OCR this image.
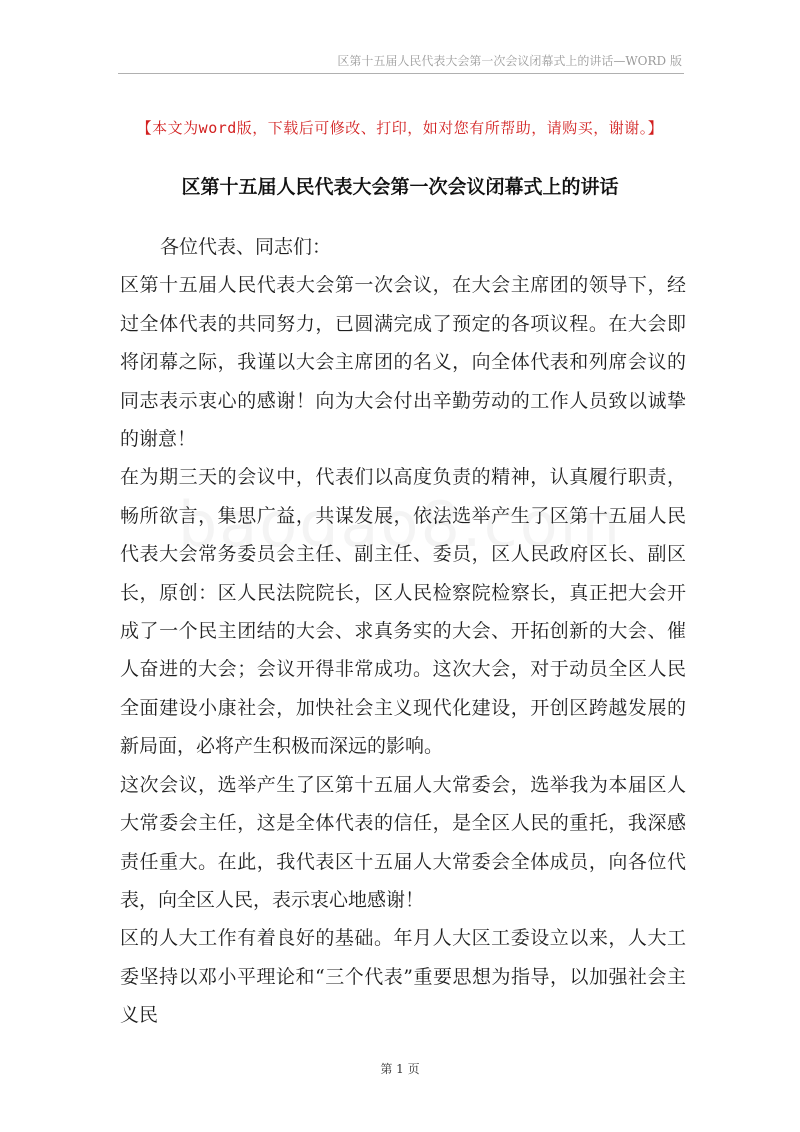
区第十五届人民代表大会第一次会议闭幕式上的讲话—WORD 版
【本文为word版，下载后可修改、打印，如对您有所帮助，请购买，谢谢。】
区第十五届人民代表大会第一次会议闭幕式上的讲话

各位代表、同志们：

区第十五届人民代表大会第一次会议，在大会主席团的领导下，经过全体代表的共同努力，已圆满完成了预定的各项议程。在大会即将闭幕之际，我谨以大会主席团的名义，向全体代表和列席会议的同志表示衷心的感谢！向为大会付出辛勤劳动的工作人员致以诚挚的谢意！

在为期三天的会议中，代表们以高度负责的精神，认真履行职责，畅所欲言，集思广益，共谋发展，依法选举产生了区第十五届人民代表大会常务委员会主任、副主任、委员，区人民政府区长、副区长，原创：区人民法院院长，区人民检察院检察长，真正把大会开成了一个民主团结的大会、求真务实的大会、开拓创新的大会、催人奋进的大会；会议开得非常成功。这次大会，对于动员全区人民全面建设小康社会，加快社会主义现代化建设，开创区跨越发展的新局面，必将产生积极而深远的影响。

这次会议，选举产生了区第十五届人大常委会，选举我为本届区人大常委会主任，这是全体代表的信任，是全区人民的重托，我深感责任重大。在此，我代表区十五届人大常委会全体成员，向各位代表，向全区人民，表示衷心地感谢！

区的人大工作有着良好的基础。年月人大区工委设立以来，人大工委坚持以邓小平理论和“三个代表”重要思想为指导，以加强社会主义民

第 1 页
